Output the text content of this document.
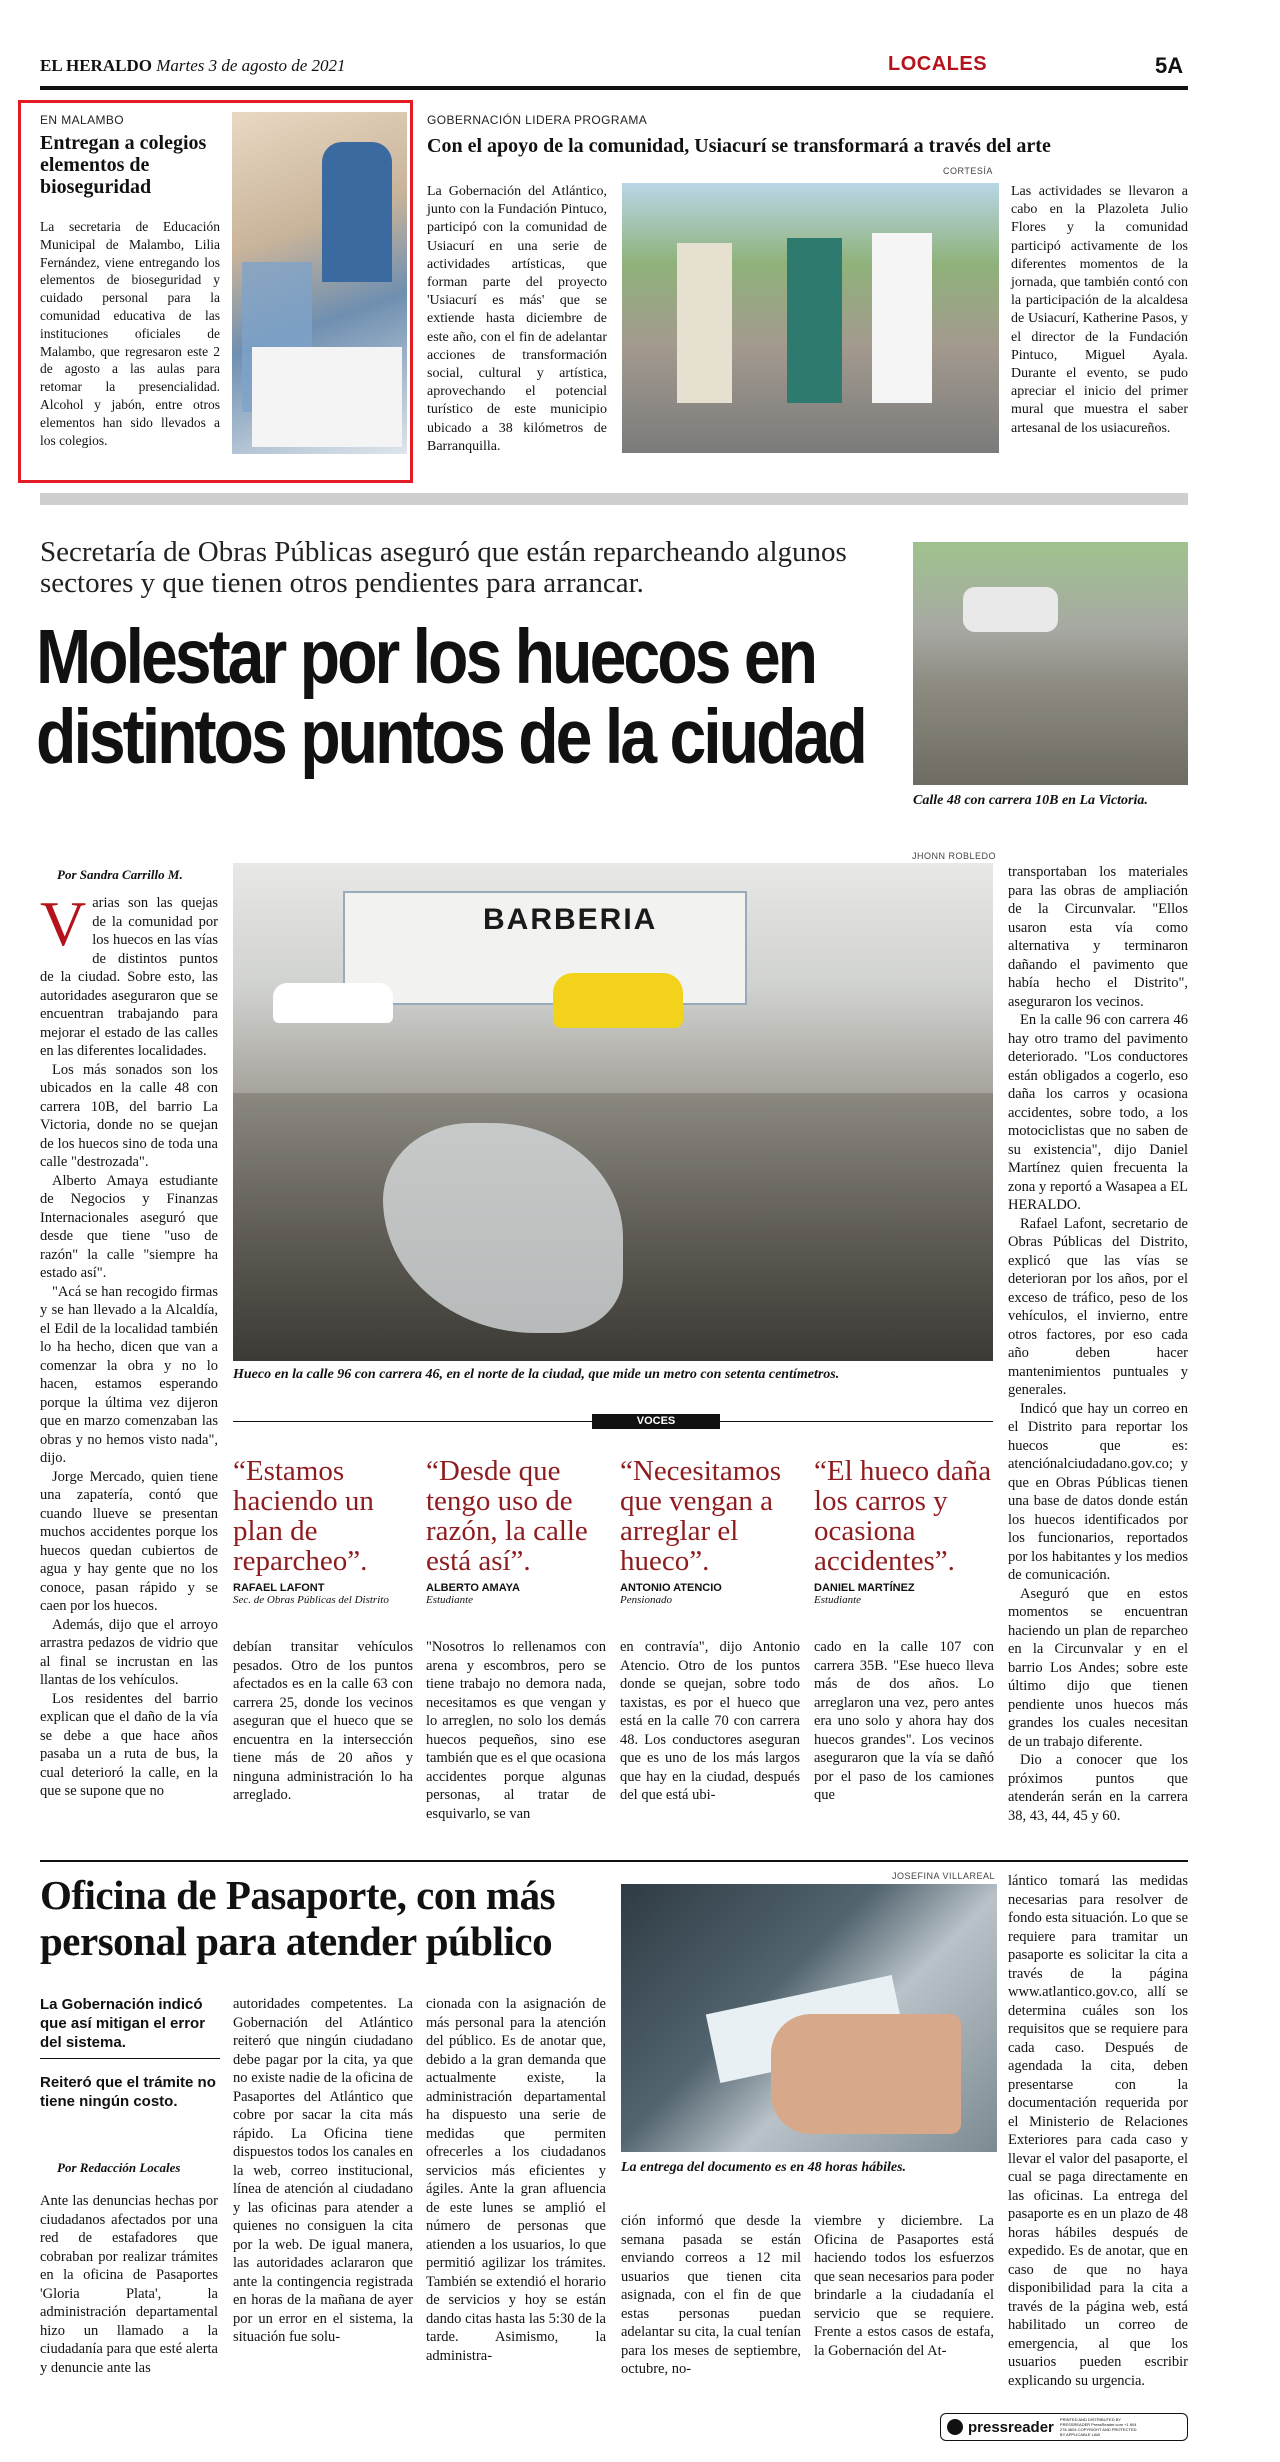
EL HERALDO Martes 3 de agosto de 2021	LOCALES	5A
EN MALAMBO
Entregan a colegios elementos de bioseguridad
La secretaria de Educación Municipal de Malambo, Lilia Fernández, viene entregando los elementos de bioseguridad y cuidado personal para la comunidad educativa de las instituciones oficiales de Malambo, que regresaron este 2 de agosto a las aulas para retomar la presencialidad. Alcohol y jabón, entre otros elementos han sido llevados a los colegios.
GOBERNACIÓN LIDERA PROGRAMA
Con el apoyo de la comunidad, Usiacurí se transformará a través del arte
CORTESÍA
La Gobernación del Atlántico, junto con la Fundación Pintuco, participó con la comunidad de Usiacurí en una serie de actividades artísticas, que forman parte del proyecto 'Usiacurí es más' que se extiende hasta diciembre de este año, con el fin de adelantar acciones de transformación social, cultural y artística, aprovechando el potencial turístico de este municipio ubicado a 38 kilómetros de Barranquilla.
Las actividades se llevaron a cabo en la Plazoleta Julio Flores y la comunidad participó activamente de los diferentes momentos de la jornada, que también contó con la participación de la alcaldesa de Usiacurí, Katherine Pasos, y el director de la Fundación Pintuco, Miguel Ayala. Durante el evento, se pudo apreciar el inicio del primer mural que muestra el saber artesanal de los usiacureños.
Secretaría de Obras Públicas aseguró que están reparcheando algunos sectores y que tienen otros pendientes para arrancar.
Molestar por los huecos en
distintos puntos de la ciudad
Calle 48 con carrera 10B en La Victoria.
Por Sandra Carrillo M.
JHONN ROBLEDO
BARBERIA
Hueco en la calle 96 con carrera 46, en el norte de la ciudad, que mide un metro con setenta centímetros.
V arias son las quejas de la comunidad por los huecos en las vías de distintos puntos de la ciudad. Sobre esto, las autoridades aseguraron que se encuentran trabajando para mejorar el estado de las calles en las diferentes localidades.

Los más sonados son los ubicados en la calle 48 con carrera 10B, del barrio La Victoria, donde no se quejan de los huecos sino de toda una calle "destrozada".

Alberto Amaya estudiante de Negocios y Finanzas Internacionales aseguró que desde que tiene "uso de razón" la calle "siempre ha estado así".

"Acá se han recogido firmas y se han llevado a la Alcaldía, el Edil de la localidad también lo ha hecho, dicen que van a comenzar la obra y no lo hacen, estamos esperando porque la última vez dijeron que en marzo comenzaban las obras y no hemos visto nada", dijo.

Jorge Mercado, quien tiene una zapatería, contó que cuando llueve se presentan muchos accidentes porque los huecos quedan cubiertos de agua y hay gente que no los conoce, pasan rápido y se caen por los huecos.

Además, dijo que el arroyo arrastra pedazos de vidrio que al final se incrustan en las llantas de los vehículos.

Los residentes del barrio explican que el daño de la vía se debe a que hace años pasaba un a ruta de bus, la cual deterioró la calle, en la que se supone que no

VOCES
“Estamos haciendo un plan de reparcheo”.
RAFAEL LAFONT
Sec. de Obras Públicas del Distrito
“Desde que tengo uso de razón, la calle está así”.
ALBERTO AMAYA
Estudiante
“Necesitamos que vengan a arreglar el hueco”.
ANTONIO ATENCIO
Pensionado
“El hueco daña los carros y ocasiona accidentes”.
DANIEL MARTÍNEZ
Estudiante
debían transitar vehículos pesados. Otro de los puntos afectados es en la calle 63 con carrera 25, donde los vecinos aseguran que el hueco que se encuentra en la intersección tiene más de 20 años y ninguna administración lo ha arreglado.
"Nosotros lo rellenamos con arena y escombros, pero se tiene trabajo no demora nada, necesitamos es que vengan y lo arreglen, no solo los demás huecos pequeños, sino ese también que es el que ocasiona accidentes porque algunas personas, al tratar de esquivarlo, se van
en contravía", dijo Antonio Atencio. Otro de los puntos donde se quejan, sobre todo taxistas, es por el hueco que está en la calle 70 con carrera 48. Los conductores aseguran que es uno de los más largos que hay en la ciudad, después del que está ubi-
cado en la calle 107 con carrera 35B. "Ese hueco lleva más de dos años. Lo arreglaron una vez, pero antes era uno solo y ahora hay dos huecos grandes". Los vecinos aseguraron que la vía se dañó por el paso de los camiones que

transportaban los materiales para las obras de ampliación de la Circunvalar. "Ellos usaron esta vía como alternativa y terminaron dañando el pavimento que había hecho el Distrito", aseguraron los vecinos.

En la calle 96 con carrera 46 hay otro tramo del pavimento deteriorado. "Los conductores están obligados a cogerlo, eso daña los carros y ocasiona accidentes, sobre todo, a los motociclistas que no saben de su existencia", dijo Daniel Martínez quien frecuenta la zona y reportó a Wasapea a EL HERALDO.

Rafael Lafont, secretario de Obras Públicas del Distrito, explicó que las vías se deterioran por los años, por el exceso de tráfico, peso de los vehículos, el invierno, entre otros factores, por eso cada año deben hacer mantenimientos puntuales y generales.

Indicó que hay un correo en el Distrito para reportar los huecos que es: atenciónalciudadano.gov.co; y que en Obras Públicas tienen una base de datos donde están los huecos identificados por los funcionarios, reportados por los habitantes y los medios de comunicación.

Aseguró que en estos momentos se encuentran haciendo un plan de reparcheo en la Circunvalar y en el barrio Los Andes; sobre este último dijo que tienen pendiente unos huecos más grandes los cuales necesitan de un trabajo diferente.

Dio a conocer que los próximos puntos que atenderán serán en la carrera 38, 43, 44, 45 y 60.

Oficina de Pasaporte, con más personal para atender público
La Gobernación indicó que así mitigan el error del sistema.
Reiteró que el trámite no tiene ningún costo.
Por Redacción Locales
Ante las denuncias hechas por ciudadanos afectados por una red de estafadores que cobraban por realizar trámites en la oficina de Pasaportes 'Gloria Plata', la administración departamental hizo un llamado a la ciudadanía para que esté alerta y denuncie ante las
autoridades competentes. La Gobernación del Atlántico reiteró que ningún ciudadano debe pagar por la cita, ya que no existe nadie de la oficina de Pasaportes del Atlántico que cobre por sacar la cita más rápido. La Oficina tiene dispuestos todos los canales en la web, correo institucional, línea de atención al ciudadano y las oficinas para atender a quienes no consiguen la cita por la web. De igual manera, las autoridades aclararon que ante la contingencia registrada en horas de la mañana de ayer por un error en el sistema, la situación fue solu-
cionada con la asignación de más personal para la atención del público. Es de anotar que, debido a la gran demanda que actualmente existe, la administración departamental ha dispuesto una serie de medidas que permiten ofrecerles a los ciudadanos servicios más eficientes y ágiles. Ante la gran afluencia de este lunes se amplió el número de personas que atienden a los usuarios, lo que permitió agilizar los trámites. También se extendió el horario de servicios y hoy se están dando citas hasta las 5:30 de la tarde. Asimismo, la administra-
JOSEFINA VILLAREAL
La entrega del documento es en 48 horas hábiles.
ción informó que desde la semana pasada se están enviando correos a 12 mil usuarios que tienen cita asignada, con el fin de que estas personas puedan adelantar su cita, la cual tenían para los meses de septiembre, octubre, no-
viembre y diciembre. La Oficina de Pasaportes está haciendo todos los esfuerzos que sean necesarios para poder brindarle a la ciudadanía el servicio que se requiere. Frente a estos casos de estafa, la Gobernación del At-
lántico tomará las medidas necesarias para resolver de fondo esta situación. Lo que se requiere para tramitar un pasaporte es solicitar la cita a través de la página www.atlantico.gov.co, allí se determina cuáles son los requisitos que se requiere para cada caso. Después de agendada la cita, deben presentarse con la documentación requerida por el Ministerio de Relaciones Exteriores para cada caso y llevar el valor del pasaporte, el cual se paga directamente en las oficinas. La entrega del pasaporte es en un plazo de 48 horas hábiles después de expedido. Es de anotar, que en caso de que no haya disponibilidad para la cita a través de la página web, está habilitado un correo de emergencia, al que los usuarios pueden escribir explicando su urgencia.
pressreader PRINTED AND DISTRIBUTED BY PRESSREADER PressReader.com +1 604 278 4604 COPYRIGHT AND PROTECTED BY APPLICABLE LAW
